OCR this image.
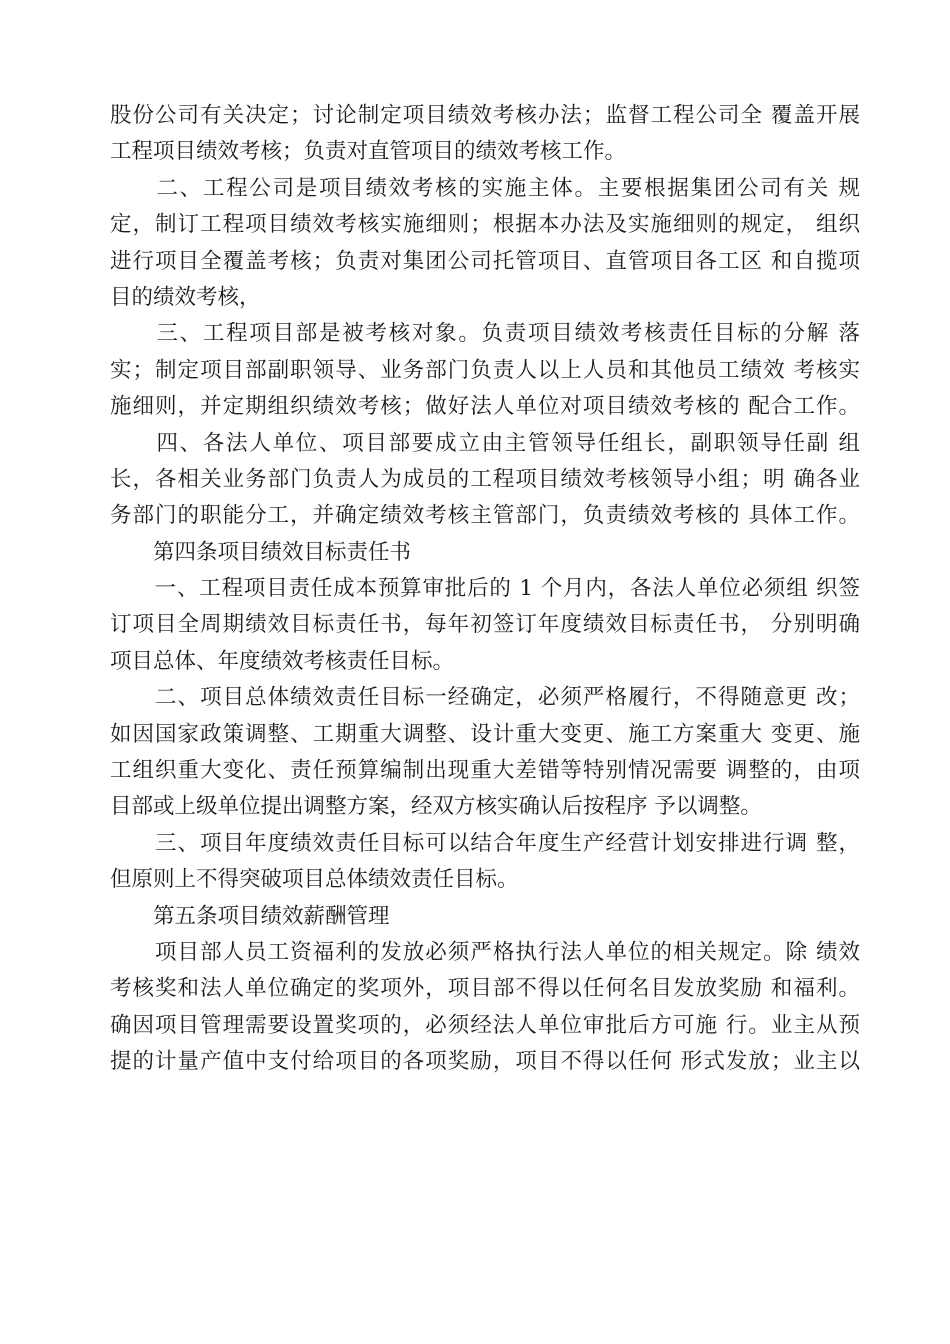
股份公司有关决定；讨论制定项目绩效考核办法；监督工程公司全 覆盖开展
工程项目绩效考核；负责对直管项目的绩效考核工作。

　　二、工程公司是项目绩效考核的实施主体。主要根据集团公司有关 规
定，制订工程项目绩效考核实施细则；根据本办法及实施细则的规定， 组织
进行项目全覆盖考核；负责对集团公司托管项目、直管项目各工区 和自揽项
目的绩效考核，

　　三、工程项目部是被考核对象。负责项目绩效考核责任目标的分解 落
实；制定项目部副职领导、业务部门负责人以上人员和其他员工绩效 考核实
施细则，并定期组织绩效考核；做好法人单位对项目绩效考核的 配合工作。

　　四、各法人单位、项目部要成立由主管领导任组长，副职领导任副 组
长，各相关业务部门负责人为成员的工程项目绩效考核领导小组；明 确各业
务部门的职能分工，并确定绩效考核主管部门，负责绩效考核的 具体工作。

　　第四条项目绩效目标责任书

　　一、工程项目责任成本预算审批后的 1 个月内，各法人单位必须组 织签
订项目全周期绩效目标责任书，每年初签订年度绩效目标责任书， 分别明确
项目总体、年度绩效考核责任目标。

　　二、项目总体绩效责任目标一经确定，必须严格履行，不得随意更 改；
如因国家政策调整、工期重大调整、设计重大变更、施工方案重大 变更、施
工组织重大变化、责任预算编制出现重大差错等特别情况需要 调整的，由项
目部或上级单位提出调整方案，经双方核实确认后按程序 予以调整。

　　三、项目年度绩效责任目标可以结合年度生产经营计划安排进行调 整，
但原则上不得突破项目总体绩效责任目标。

　　第五条项目绩效薪酬管理

　　项目部人员工资福利的发放必须严格执行法人单位的相关规定。除 绩效
考核奖和法人单位确定的奖项外，项目部不得以任何名目发放奖励 和福利。
确因项目管理需要设置奖项的，必须经法人单位审批后方可施 行。业主从预
提的计量产值中支付给项目的各项奖励，项目不得以任何 形式发放；业主以
